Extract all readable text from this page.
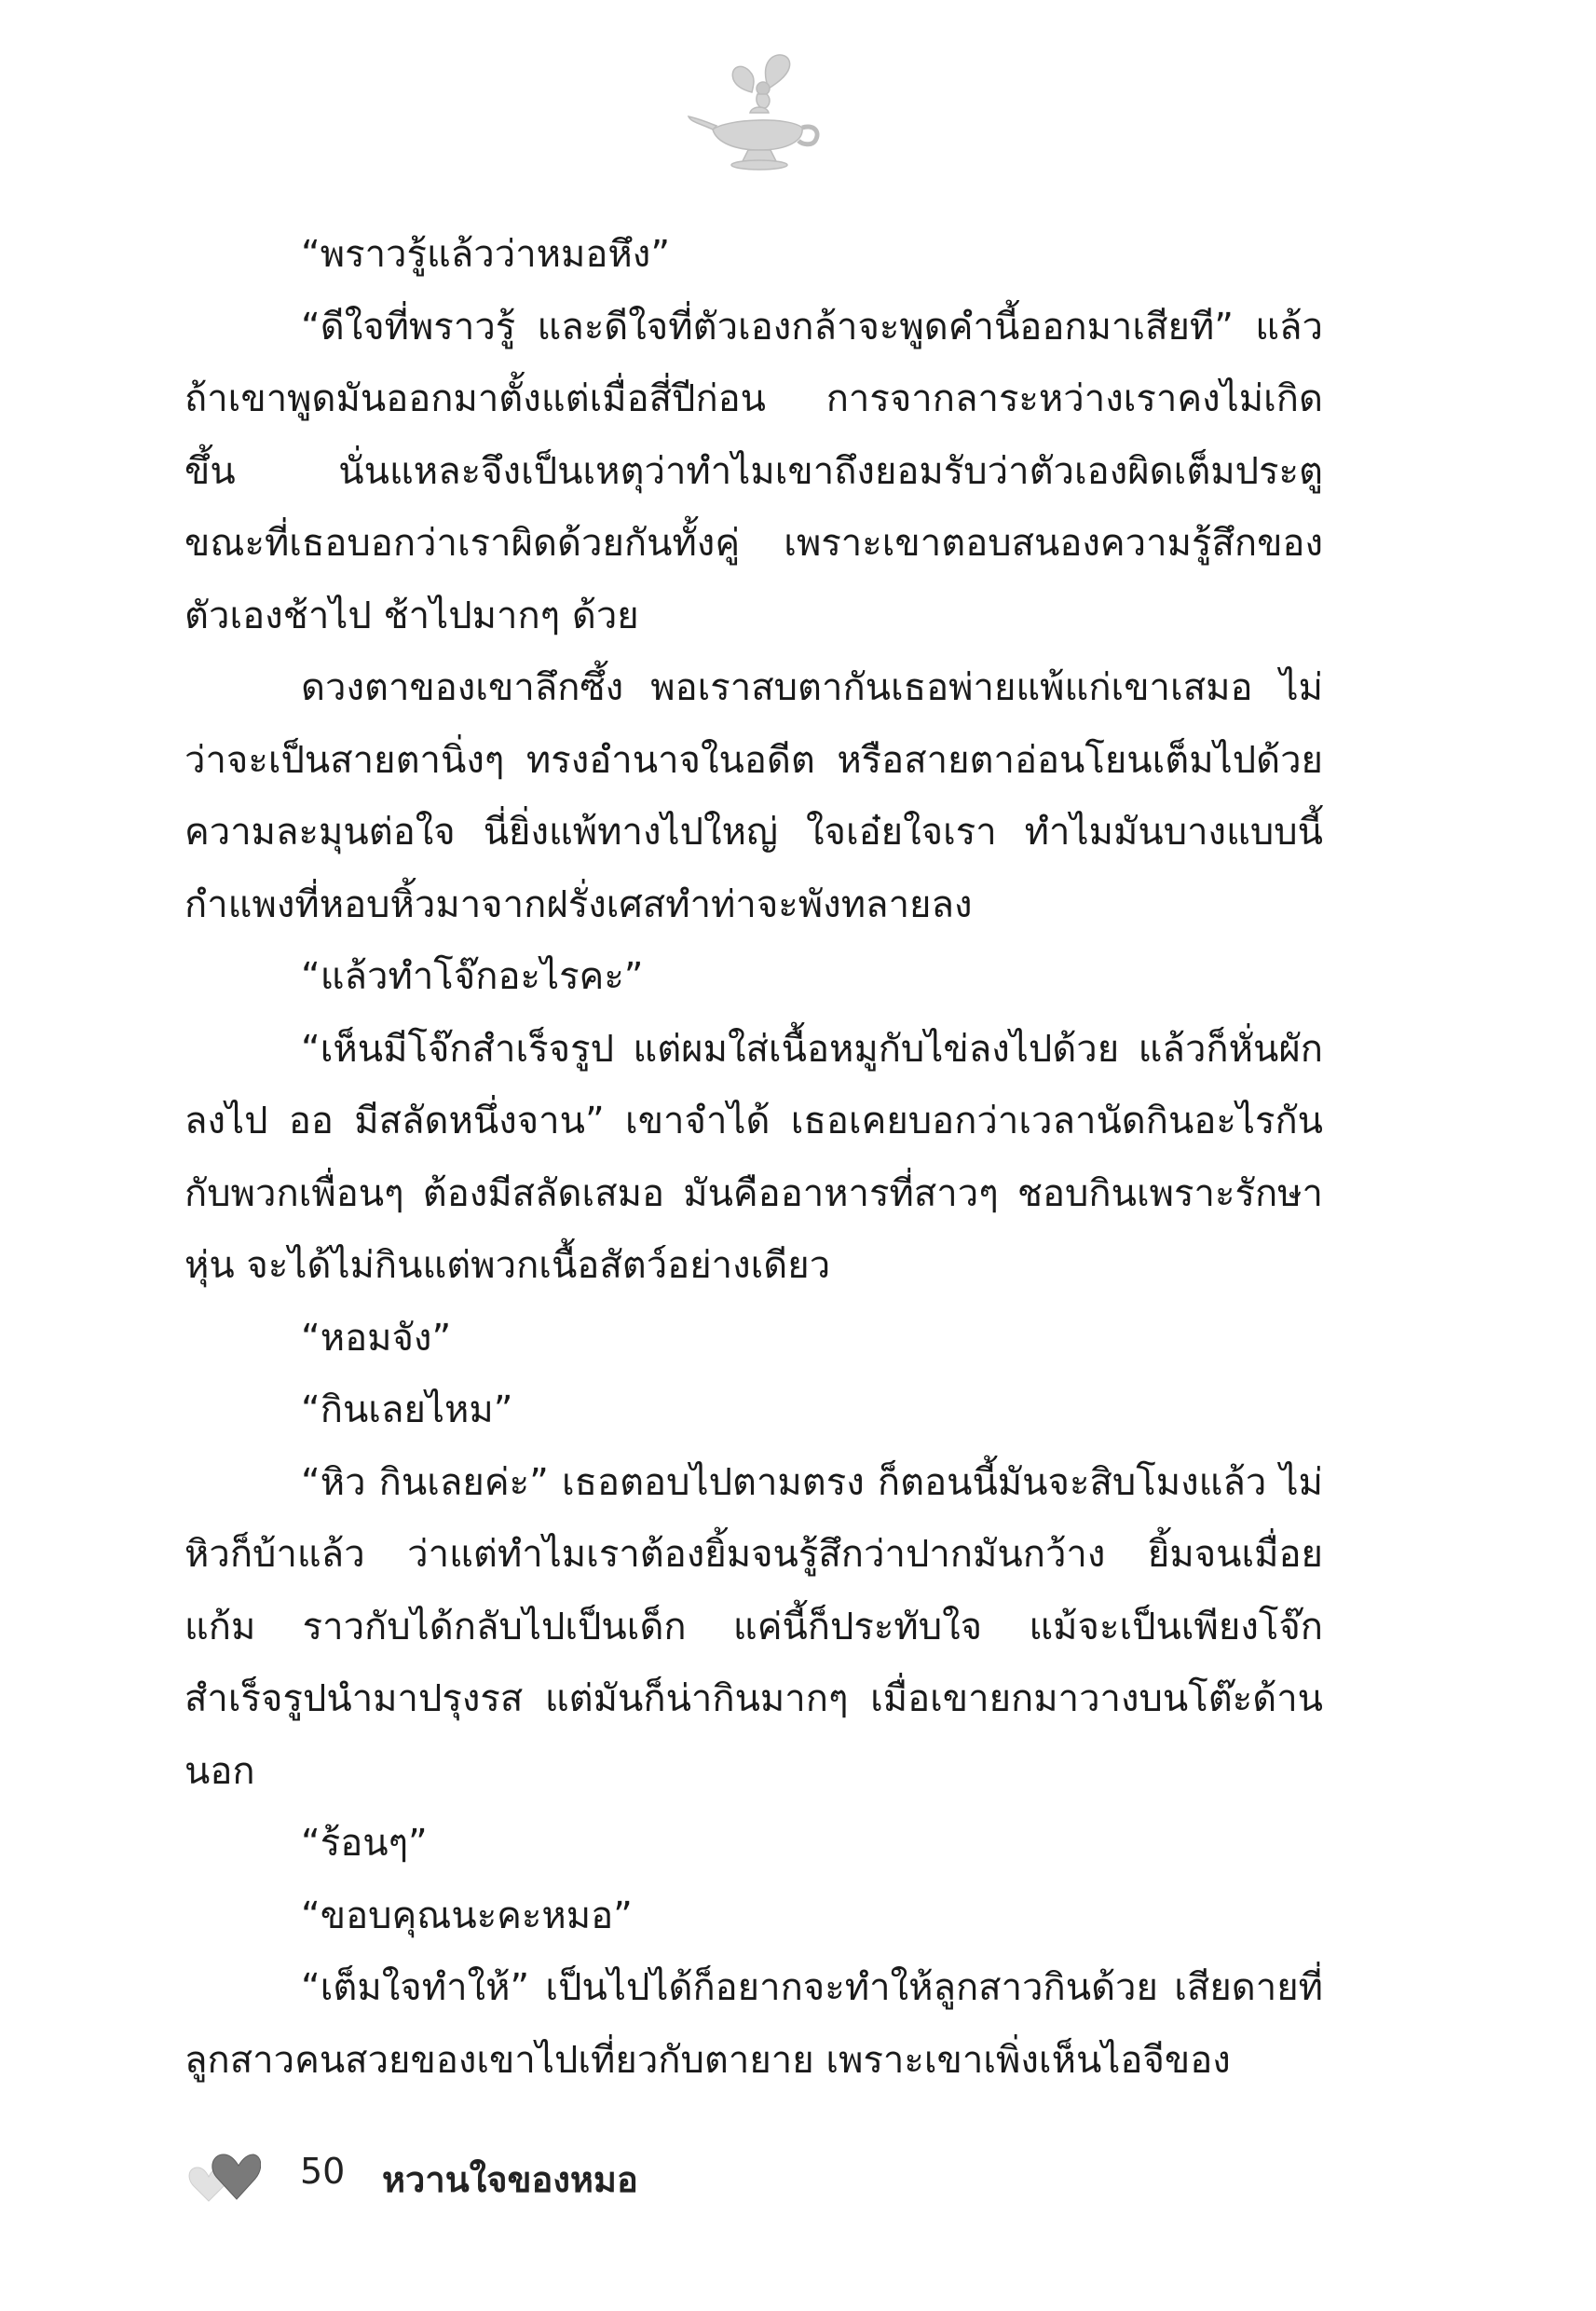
“พราวรู้แล้วว่าหมอหึง”

“ดีใจที่พราวรู้ และดีใจที่ตัวเองกล้าจะพูดคำนี้ออกมาเสียที” แล้วถ้าเขาพูดมันออกมาตั้งแต่เมื่อสี่ปีก่อน การจากลาระหว่างเราคงไม่เกิดขึ้น นั่นแหละจึงเป็นเหตุว่าทำไมเขาถึงยอมรับว่าตัวเองผิดเต็มประตู ขณะที่เธอบอกว่าเราผิดด้วยกันทั้งคู่ เพราะเขาตอบสนองความรู้สึกของตัวเองช้าไป ช้าไปมากๆ ด้วย

ดวงตาของเขาลึกซึ้ง พอเราสบตากันเธอพ่ายแพ้แก่เขาเสมอ ไม่ว่าจะเป็นสายตานิ่งๆ ทรงอำนาจในอดีต หรือสายตาอ่อนโยนเต็มไปด้วยความละมุนต่อใจ นี่ยิ่งแพ้ทางไปใหญ่ ใจเอ๋ยใจเรา ทำไมมันบางแบบนี้ กำแพงที่หอบหิ้วมาจากฝรั่งเศสทำท่าจะพังทลายลง

“แล้วทำโจ๊กอะไรคะ”

“เห็นมีโจ๊กสำเร็จรูป แต่ผมใส่เนื้อหมูกับไข่ลงไปด้วย แล้วก็หั่นผักลงไป ออ มีสลัดหนึ่งจาน” เขาจำได้ เธอเคยบอกว่าเวลานัดกินอะไรกันกับพวกเพื่อนๆ ต้องมีสลัดเสมอ มันคืออาหารที่สาวๆ ชอบกินเพราะรักษาหุ่น จะได้ไม่กินแต่พวกเนื้อสัตว์อย่างเดียว

“หอมจัง”

“กินเลยไหม”

“หิว กินเลยค่ะ” เธอตอบไปตามตรง ก็ตอนนี้มันจะสิบโมงแล้ว ไม่หิวก็บ้าแล้ว ว่าแต่ทำไมเราต้องยิ้มจนรู้สึกว่าปากมันกว้าง ยิ้มจนเมื่อยแก้ม ราวกับได้กลับไปเป็นเด็ก แค่นี้ก็ประทับใจ แม้จะเป็นเพียงโจ๊กสำเร็จรูปนำมาปรุงรส แต่มันก็น่ากินมากๆ เมื่อเขายกมาวางบนโต๊ะด้านนอก

“ร้อนๆ”

“ขอบคุณนะคะหมอ”

“เต็มใจทำให้” เป็นไปได้ก็อยากจะทำให้ลูกสาวกินด้วย เสียดายที่ลูกสาวคนสวยของเขาไปเที่ยวกับตายาย เพราะเขาเพิ่งเห็นไอจีของ

50 หวานใจของหมอ
